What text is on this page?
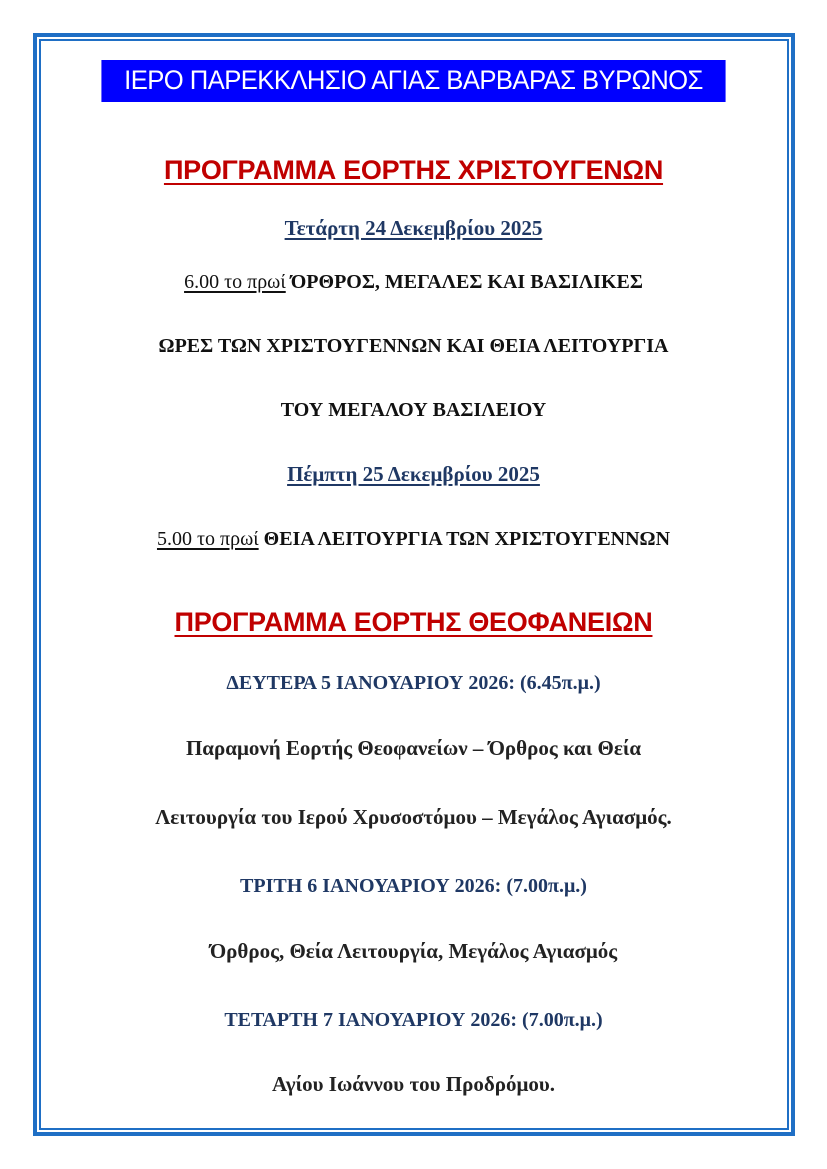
ΙΕΡΟ ΠΑΡΕΚΚΛΗΣΙΟ ΑΓΙΑΣ ΒΑΡΒΑΡΑΣ ΒΥΡΩΝΟΣ
ΠΡΟΓΡΑΜΜΑ ΕΟΡΤΗΣ ΧΡΙΣΤΟΥΓΕΝΩΝ
Τετάρτη 24 Δεκεμβρίου 2025
6.00 το πρωί ΌΡΘΡΟΣ, ΜΕΓΑΛΕΣ ΚΑΙ ΒΑΣΙΛΙΚΕΣ
ΩΡΕΣ ΤΩΝ ΧΡΙΣΤΟΥΓΕΝΝΩΝ ΚΑΙ ΘΕΙΑ ΛΕΙΤΟΥΡΓΙΑ
ΤΟΥ ΜΕΓΑΛΟΥ ΒΑΣΙΛΕΙΟΥ
Πέμπτη 25 Δεκεμβρίου 2025
5.00 το πρωί ΘΕΙΑ ΛΕΙΤΟΥΡΓΙΑ ΤΩΝ ΧΡΙΣΤΟΥΓΕΝΝΩΝ
ΠΡΟΓΡΑΜΜΑ ΕΟΡΤΗΣ ΘΕΟΦΑΝΕΙΩΝ
ΔΕΥΤΕΡΑ 5 ΙΑΝΟΥΑΡΙΟΥ 2026: (6.45π.μ.)
Παραμονή Εορτής Θεοφανείων – Όρθρος και Θεία
Λειτουργία του Ιερού Χρυσοστόμου – Μεγάλος Αγιασμός.
ΤΡΙΤΗ 6 ΙΑΝΟΥΑΡΙΟΥ 2026: (7.00π.μ.)
Όρθρος, Θεία Λειτουργία, Μεγάλος Αγιασμός
ΤΕΤΑΡΤΗ 7 ΙΑΝΟΥΑΡΙΟΥ 2026: (7.00π.μ.)
Αγίου Ιωάννου του Προδρόμου.
